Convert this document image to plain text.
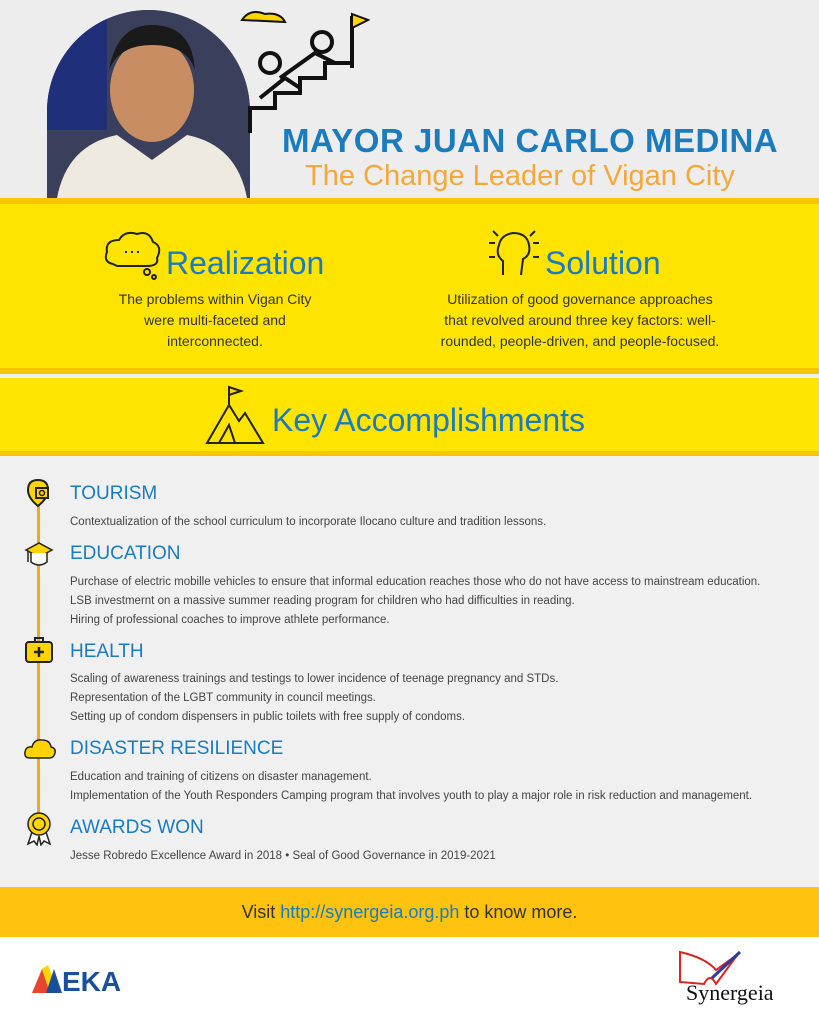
MAYOR JUAN CARLO MEDINA
The Change Leader of Vigan City
Realization
The problems within Vigan City were multi-faceted and interconnected.
Solution
Utilization of good governance approaches that revolved around three key factors: well-rounded, people-driven, and people-focused.
Key Accomplishments
TOURISM
Contextualization of the school curriculum to incorporate Ilocano culture and tradition lessons.
EDUCATION
Purchase of electric mobille vehicles to ensure that informal education reaches those who do not have access to mainstream education.
LSB investmernt on a massive summer reading program for children who had difficulties in reading.
Hiring of professional coaches to improve athlete performance.
HEALTH
Scaling of awareness trainings and testings to lower incidence of teenage pregnancy and STDs.
Representation of the LGBT community in council meetings.
Setting up of condom dispensers in public toilets with free supply of condoms.
DISASTER RESILIENCE
Education and training of citizens on disaster management.
Implementation of the Youth Responders Camping program that involves youth to play a major role in risk reduction and management.
AWARDS WON
Jesse Robredo Excellence Award in 2018 • Seal of Good Governance in 2019-2021
Visit http://synergeia.org.ph to know more.
EKA	Synergeia
